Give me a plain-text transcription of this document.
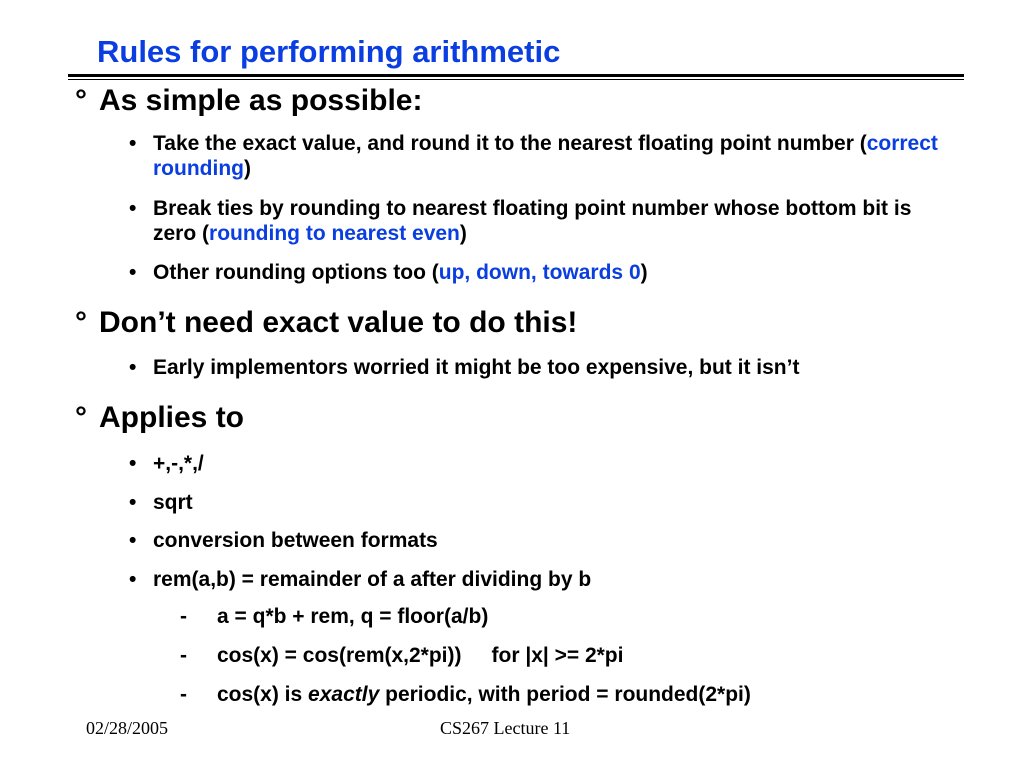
Rules for performing arithmetic
° As simple as possible:
• Take the exact value, and round it to the nearest floating point number (correct rounding)
• Break ties by rounding to nearest floating point number whose bottom bit is zero (rounding to nearest even)
• Other rounding options too (up, down, towards 0)
° Don’t need exact value to do this!
• Early implementors worried it might be too expensive, but it isn’t
° Applies to
• +,-,*,/
• sqrt
• conversion between formats
• rem(a,b) = remainder of a after dividing by b
- a = q*b + rem, q = floor(a/b)
- cos(x) = cos(rem(x,2*pi)) for |x| >= 2*pi
- cos(x) is exactly periodic, with period = rounded(2*pi)
02/28/2005	CS267 Lecture 11
